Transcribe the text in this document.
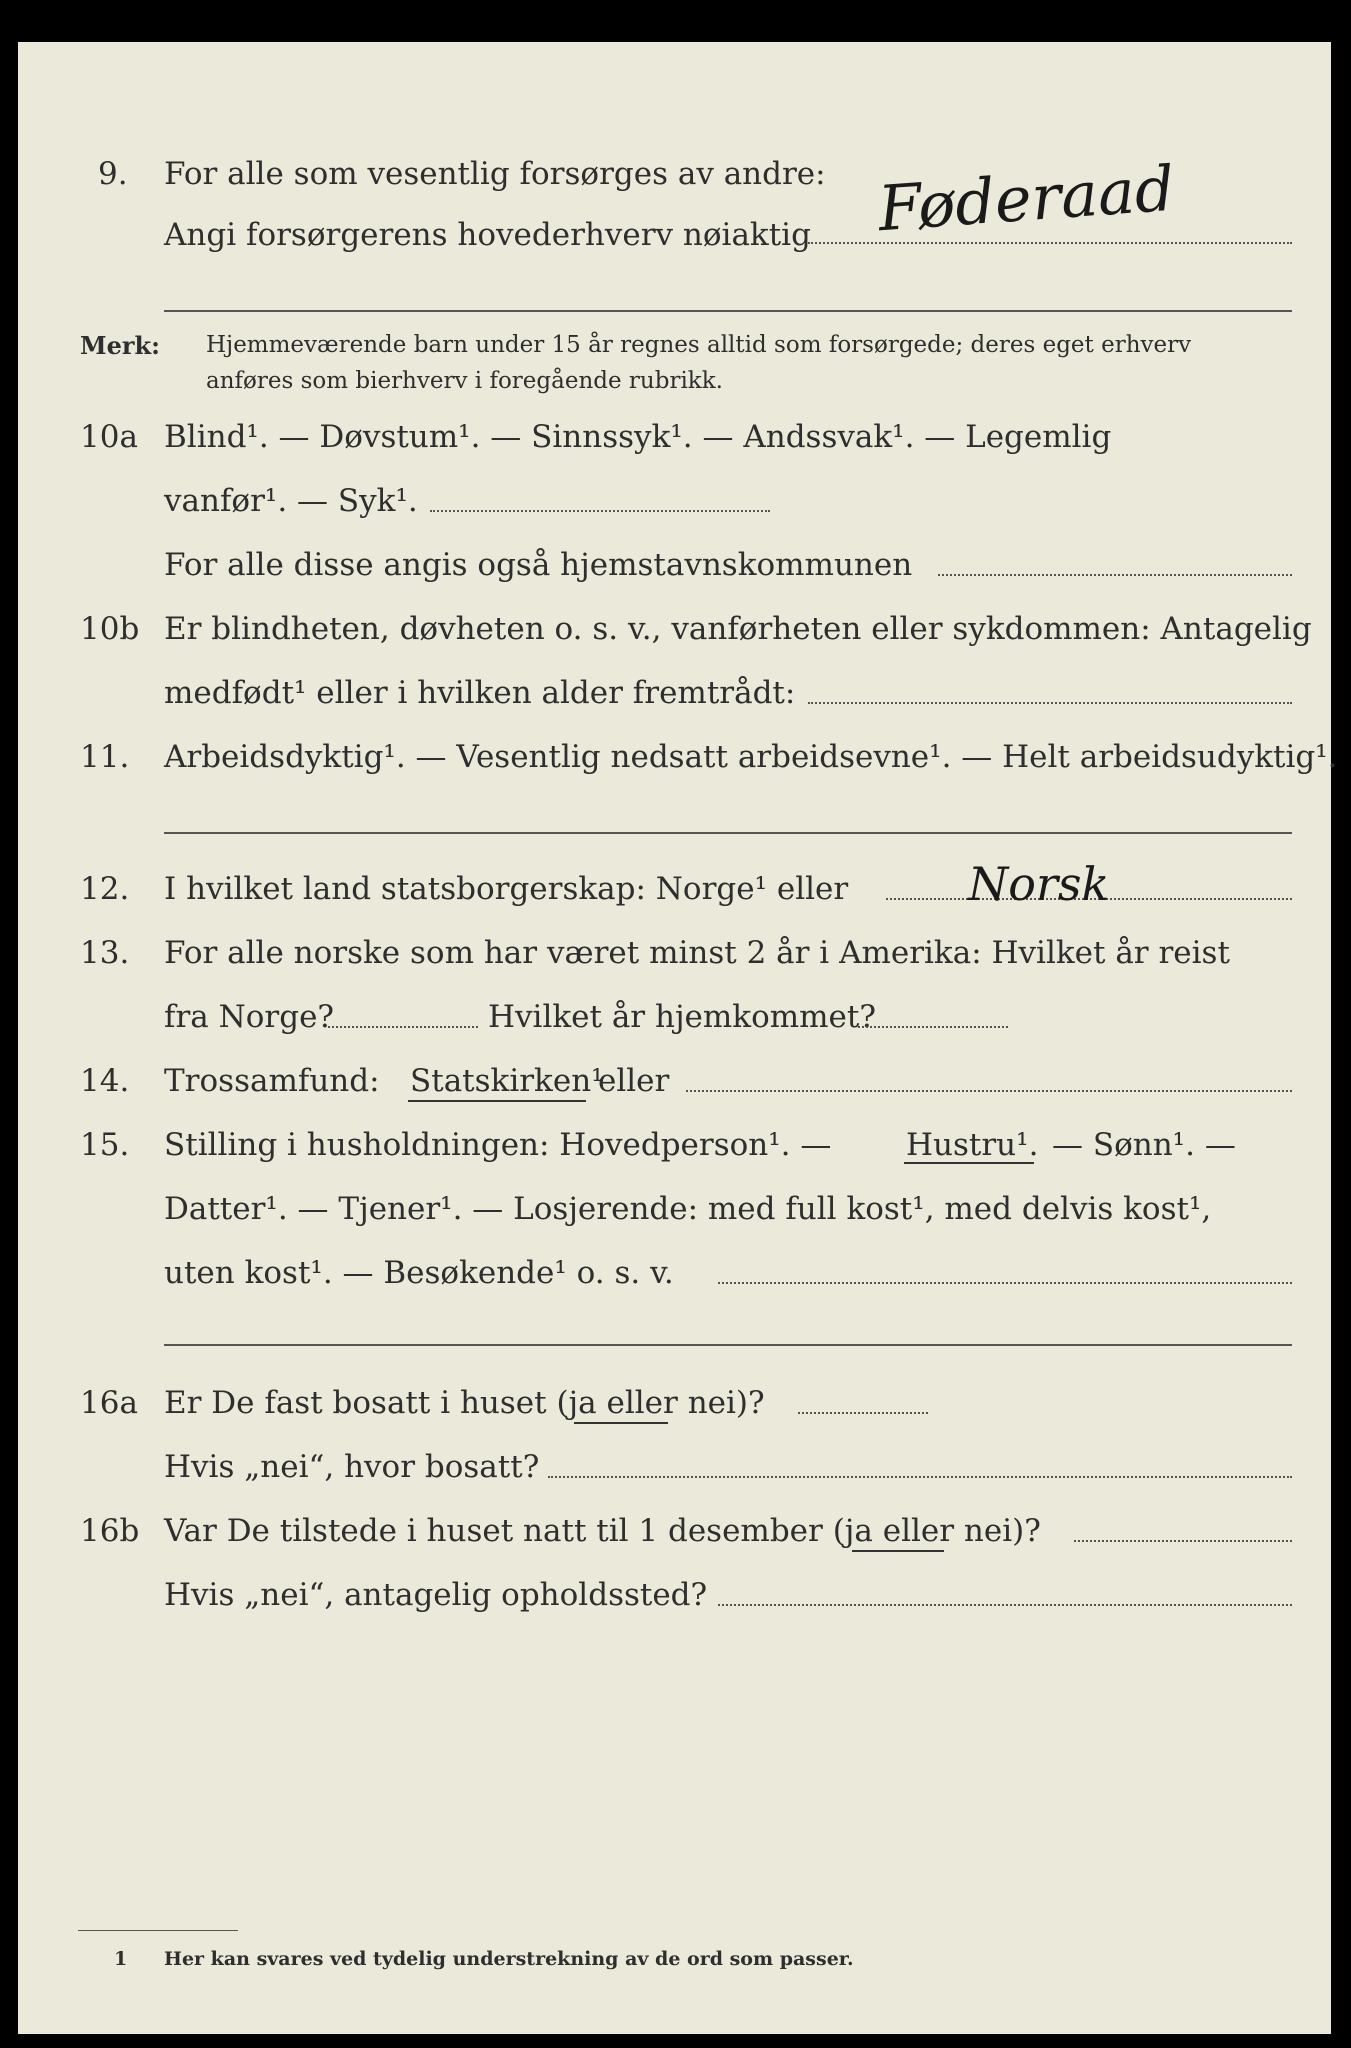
9. For alle som vesentlig forsørges av andre:
Angi forsørgerens hovederhverv nøiaktig Føderaad
Merk: Hjemmeværende barn under 15 år regnes alltid som forsørgede; deres eget erhverv
anføres som bierhverv i foregående rubrikk.
10a Blind¹. — Døvstum¹. — Sinnssyk¹. — Andssvak¹. — Legemlig
vanfør¹. — Syk¹.
For alle disse angis også hjemstavnskommunen
10b Er blindheten, døvheten o. s. v., vanførheten eller sykdommen: Antagelig
medfødt¹ eller i hvilken alder fremtrådt:
11. Arbeidsdyktig¹. — Vesentlig nedsatt arbeidsevne¹. — Helt arbeidsudyktig¹.
12. I hvilket land statsborgerskap: Norge¹ eller	Norsk
13. For alle norske som har været minst 2 år i Amerika: Hvilket år reist
fra Norge?	Hvilket år hjemkommet?
14. Trossamfund: Statskirken¹
eller
15. Stilling i husholdningen: Hovedperson¹. — Hustru¹. — Sønn¹. —
Datter¹. — Tjener¹. — Losjerende: med full kost¹, med delvis kost¹,
uten kost¹. — Besøkende¹ o. s. v.
16a Er De fast bosatt i huset (ja eller nei)?
Hvis „nei“, hvor bosatt?
16b Var De tilstede i huset natt til 1 desember (ja eller nei)?
Hvis „nei“, antagelig opholdssted?
1 Her kan svares ved tydelig understrekning av de ord som passer.
